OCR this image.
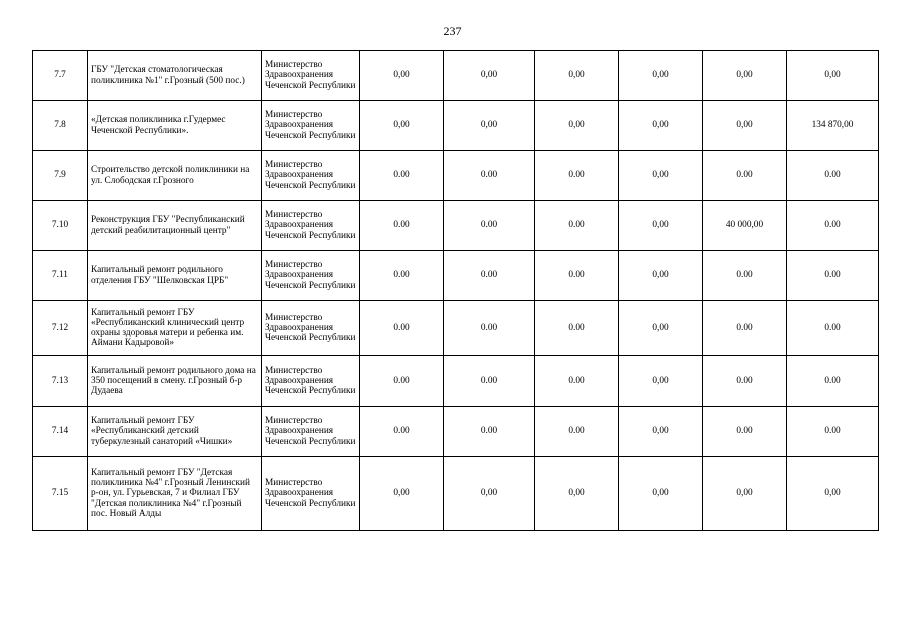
237
7.7	ГБУ "Детская стоматологическая поликлиника №1" г.Грозный (500 пос.)	Министерство Здравоохранения Чеченской Республики	0,00	0,00	0,00	0,00	0,00	0,00
7.8	«Детская поликлиника г.Гудермес Чеченской Республики».	Министерство Здравоохранения Чеченской Республики	0,00	0,00	0,00	0,00	0,00	134 870,00
7.9	Строительство детской поликлиники на ул. Слободская г.Грозного	Министерство Здравоохранения Чеченской Республики	0.00	0.00	0.00	0,00	0.00	0.00
7.10	Реконструкция ГБУ "Республиканский детский реабилитационный центр"	Министерство Здравоохранения Чеченской Республики	0.00	0.00	0.00	0,00	40 000,00	0.00
7.11	Капитальный ремонт родильного отделения ГБУ "Шелковская ЦРБ"	Министерство Здравоохранения Чеченской Республики	0.00	0.00	0.00	0,00	0.00	0.00
7.12	Капитальный ремонт ГБУ «Республиканский клинический центр охраны здоровья матери и ребенка им. Аймани Кадыровой»	Министерство Здравоохранения Чеченской Республики	0.00	0.00	0.00	0,00	0.00	0.00
7.13	Капитальный ремонт родильного дома на 350 посещений в смену. г.Грозный б-р Дудаева	Министерство Здравоохранения Чеченской Республики	0.00	0.00	0.00	0,00	0.00	0.00
7.14	Капитальный ремонт ГБУ «Республиканский детский туберкулезный санаторий «Чишки»	Министерство Здравоохранения Чеченской Республики	0.00	0.00	0.00	0,00	0.00	0.00
7.15	Капитальный ремонт ГБУ "Детская поликлиника №4" г.Грозный Ленинский р-он, ул. Гурьевская, 7 и Филиал ГБУ "Детская поликлиника №4" г.Грозный пос. Новый Алды	Министерство Здравоохранения Чеченской Республики	0,00	0,00	0,00	0,00	0,00	0,00
